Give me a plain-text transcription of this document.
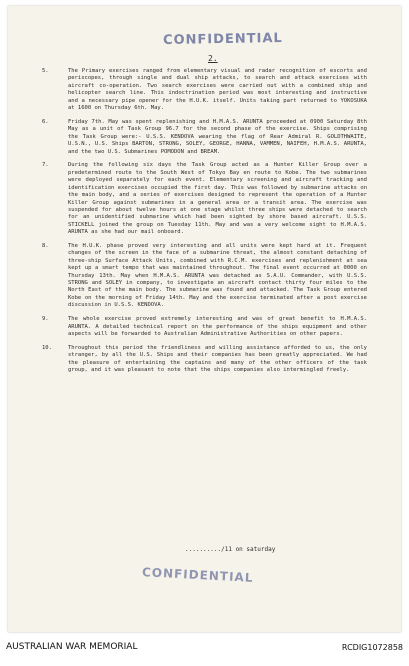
CONFIDENTIAL
2.
5.	The Primary exercises ranged from elementary visual and radar recognition of escorts and periscopes, through single and dual ship attacks, to search and attack exercises with aircraft co-operation. Two search exercises were carried out with a combined ship and helicopter search line. This indoctrination period was most interesting and instructive and a necessary pipe opener for the H.U.K. itself. Units taking part returned to YOKOSUKA at 1600 on Thursday 6th. May.
6.	Friday 7th. May was spent replenishing and H.M.A.S. ARUNTA proceeded at 0900 Saturday 8th May as a unit of Task Group 96.7 for the second phase of the exercise. Ships comprising the Task Group were:- U.S.S. KENDOVA wearing the flag of Rear Admiral R. GOLDTHWAITE, U.S.N., U.S. Ships BARTON, STRONG, SOLEY, GEORGE, HANNA, VAMMEN, NAIFEH, H.M.A.S. ARUNTA, and the two U.S. Submarines POMODON and BREAM.
7.	During the following six days the Task Group acted as a Hunter Killer Group over a predetermined route to the South West of Tokyo Bay en route to Kobe. The two submarines were deployed separately for each event. Elementary screening and aircraft tracking and identification exercises occupied the first day. This was followed by submarine attacks on the main body, and a series of exercises designed to represent the operation of a Hunter Killer Group against submarines in a general area or a transit area. The exercise was suspended for about twelve hours at one stage whilst three ships were detached to search for an unidentified submarine which had been sighted by shore based aircraft. U.S.S. STICKELL joined the group on Tuesday 11th. May and was a very welcome sight to H.M.A.S. ARUNTA as she had our mail onboard.
8.	The H.U.K. phase proved very interesting and all units were kept hard at it. Frequent changes of the screen in the face of a submarine threat, the almost constant detaching of three-ship Surface Attack Units, combined with R.C.M. exercises and replenishment at sea kept up a smart tempo that was maintained throughout. The final event occurred at 0000 on Thursday 13th. May when H.M.A.S. ARUNTA was detached as S.A.U. Commander, with U.S.S. STRONG and SOLEY in company, to investigate an aircraft contact thirty four miles to the North East of the main body. The submarine was found and attacked. The Task Group entered Kobe on the morning of Friday 14th. May and the exercise terminated after a post exercise discussion in U.S.S. KENDOVA.
9.	The whole exercise proved extremely interesting and was of great benefit to H.M.A.S. ARUNTA. A detailed technical report on the performance of the ships equipment and other aspects will be forwarded to Australian Administrative Authorities on other papers.
10.	Throughout this period the friendliness and willing assistance afforded to us, the only stranger, by all the U.S. Ships and their companies has been greatly appreciated. We had the pleasure of entertaining the captains and many of the other officers of the task group, and it was pleasant to note that the ships companies also intermingled freely.
........../11 on saturday
CONFIDENTIAL
AUSTRALIAN WAR MEMORIAL	RCDIG1072858
